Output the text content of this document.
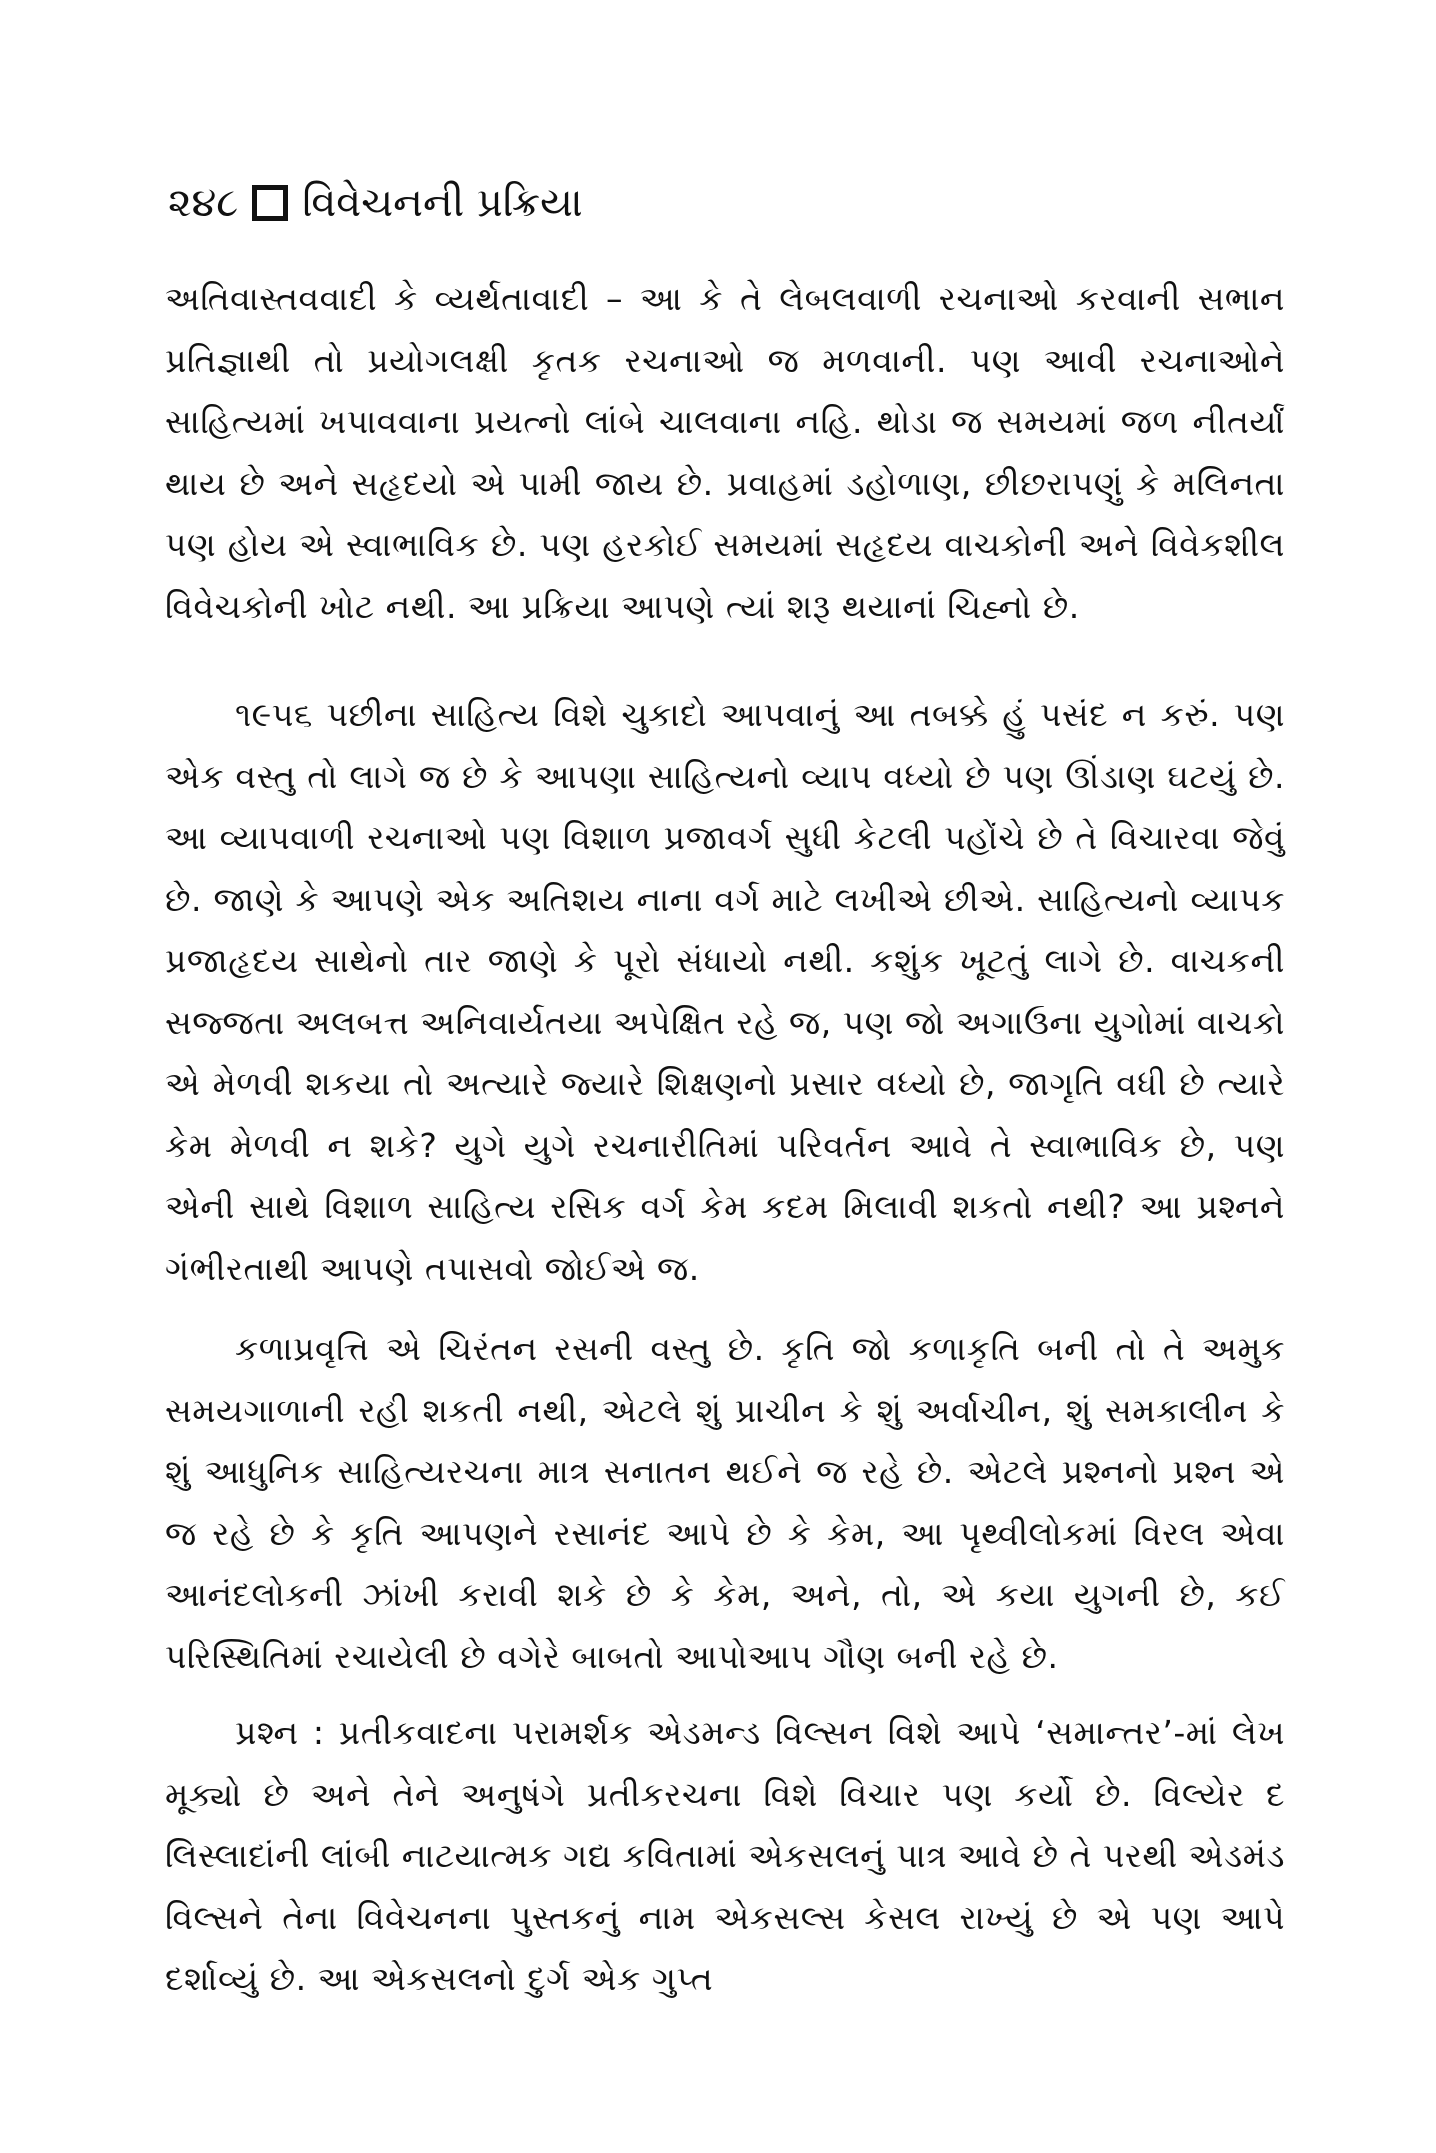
૨૪૮ વિવેચનની પ્રક્રિયા

અતિવાસ્તવવાદી કે વ્યર્થતાવાદી – આ કે તે લેબલવાળી રચનાઓ કરવાની સભાન પ્રતિજ્ઞાથી તો પ્રયોગલક્ષી કૃતક રચનાઓ જ મળવાની. પણ આવી રચનાઓને સાહિત્યમાં ખપાવવાના પ્રયત્નો લાંબે ચાલવાના નહિ. થોડા જ સમયમાં જળ નીતર્યાં થાય છે અને સહૃદયો એ પામી જાય છે. પ્રવાહમાં ડહોળાણ, છીછરાપણું કે મલિનતા પણ હોય એ સ્વાભાવિક છે. પણ હરકોઈ સમયમાં સહૃદય વાચકોની અને વિવેકશીલ વિવેચકોની ખોટ નથી. આ પ્રક્રિયા આપણે ત્યાં શરૂ થયાનાં ચિહ્નો છે.

૧૯૫૬ પછીના સાહિત્ય વિશે ચુકાદો આપવાનું આ તબક્કે હું પસંદ ન કરું. પણ એક વસ્તુ તો લાગે જ છે કે આપણા સાહિત્યનો વ્યાપ વધ્યો છે પણ ઊંડાણ ઘટયું છે. આ વ્યાપવાળી રચનાઓ પણ વિશાળ પ્રજાવર્ગ સુધી કેટલી પહોંચે છે તે વિચારવા જેવું છે. જાણે કે આપણે એક અતિશય નાના વર્ગ માટે લખીએ છીએ. સાહિત્યનો વ્યાપક પ્રજાહૃદય સાથેનો તાર જાણે કે પૂરો સંધાયો નથી. કશુંક ખૂટતું લાગે છે. વાચકની સજ્જતા અલબત્ત અનિવાર્યતયા અપેક્ષિત રહે જ, પણ જો અગાઉના યુગોમાં વાચકો એ મેળવી શકયા તો અત્યારે જ્યારે શિક્ષણનો પ્રસાર વધ્યો છે, જાગૃતિ વધી છે ત્યારે કેમ મેળવી ન શકે? યુગે યુગે રચનારીતિમાં પરિવર્તન આવે તે સ્વાભાવિક છે, પણ એની સાથે વિશાળ સાહિત્ય રસિક વર્ગ કેમ કદમ મિલાવી શકતો નથી? આ પ્રશ્નને ગંભીરતાથી આપણે તપાસવો જોઈએ જ.

કળાપ્રવૃત્તિ એ ચિરંતન રસની વસ્તુ છે. કૃતિ જો કળાકૃતિ બની તો તે અમુક સમયગાળાની રહી શકતી નથી, એટલે શું પ્રાચીન કે શું અર્વાચીન, શું સમકાલીન કે શું આધુનિક સાહિત્યરચના માત્ર સનાતન થઈને જ રહે છે. એટલે પ્રશ્નનો પ્રશ્ન એ જ રહે છે કે કૃતિ આપણને રસાનંદ આપે છે કે કેમ, આ પૃથ્વીલોકમાં વિરલ એવા આનંદલોકની ઝાંખી કરાવી શકે છે કે કેમ, અને, તો, એ કયા યુગની છે, કઈ પરિસ્થિતિમાં રચાયેલી છે વગેરે બાબતો આપોઆપ ગૌણ બની રહે છે.

પ્રશ્ન : પ્રતીકવાદના પરામર્શક એડમન્ડ વિલ્સન વિશે આપે ‘સમાન્તર’-માં લેખ મૂક્યો છે અને તેને અનુષંગે પ્રતીકરચના વિશે વિચાર પણ કર્યો છે. વિલ્યેર દ લિસ્લાદાંની લાંબી નાટયાત્મક ગદ્ય કવિતામાં એકસલનું પાત્ર આવે છે તે પરથી એડમંડ વિલ્સને તેના વિવેચનના પુસ્તકનું નામ એકસલ્સ કેસલ રાખ્યું છે એ પણ આપે દર્શાવ્યું છે. આ એકસલનો દુર્ગ એક ગુપ્ત
